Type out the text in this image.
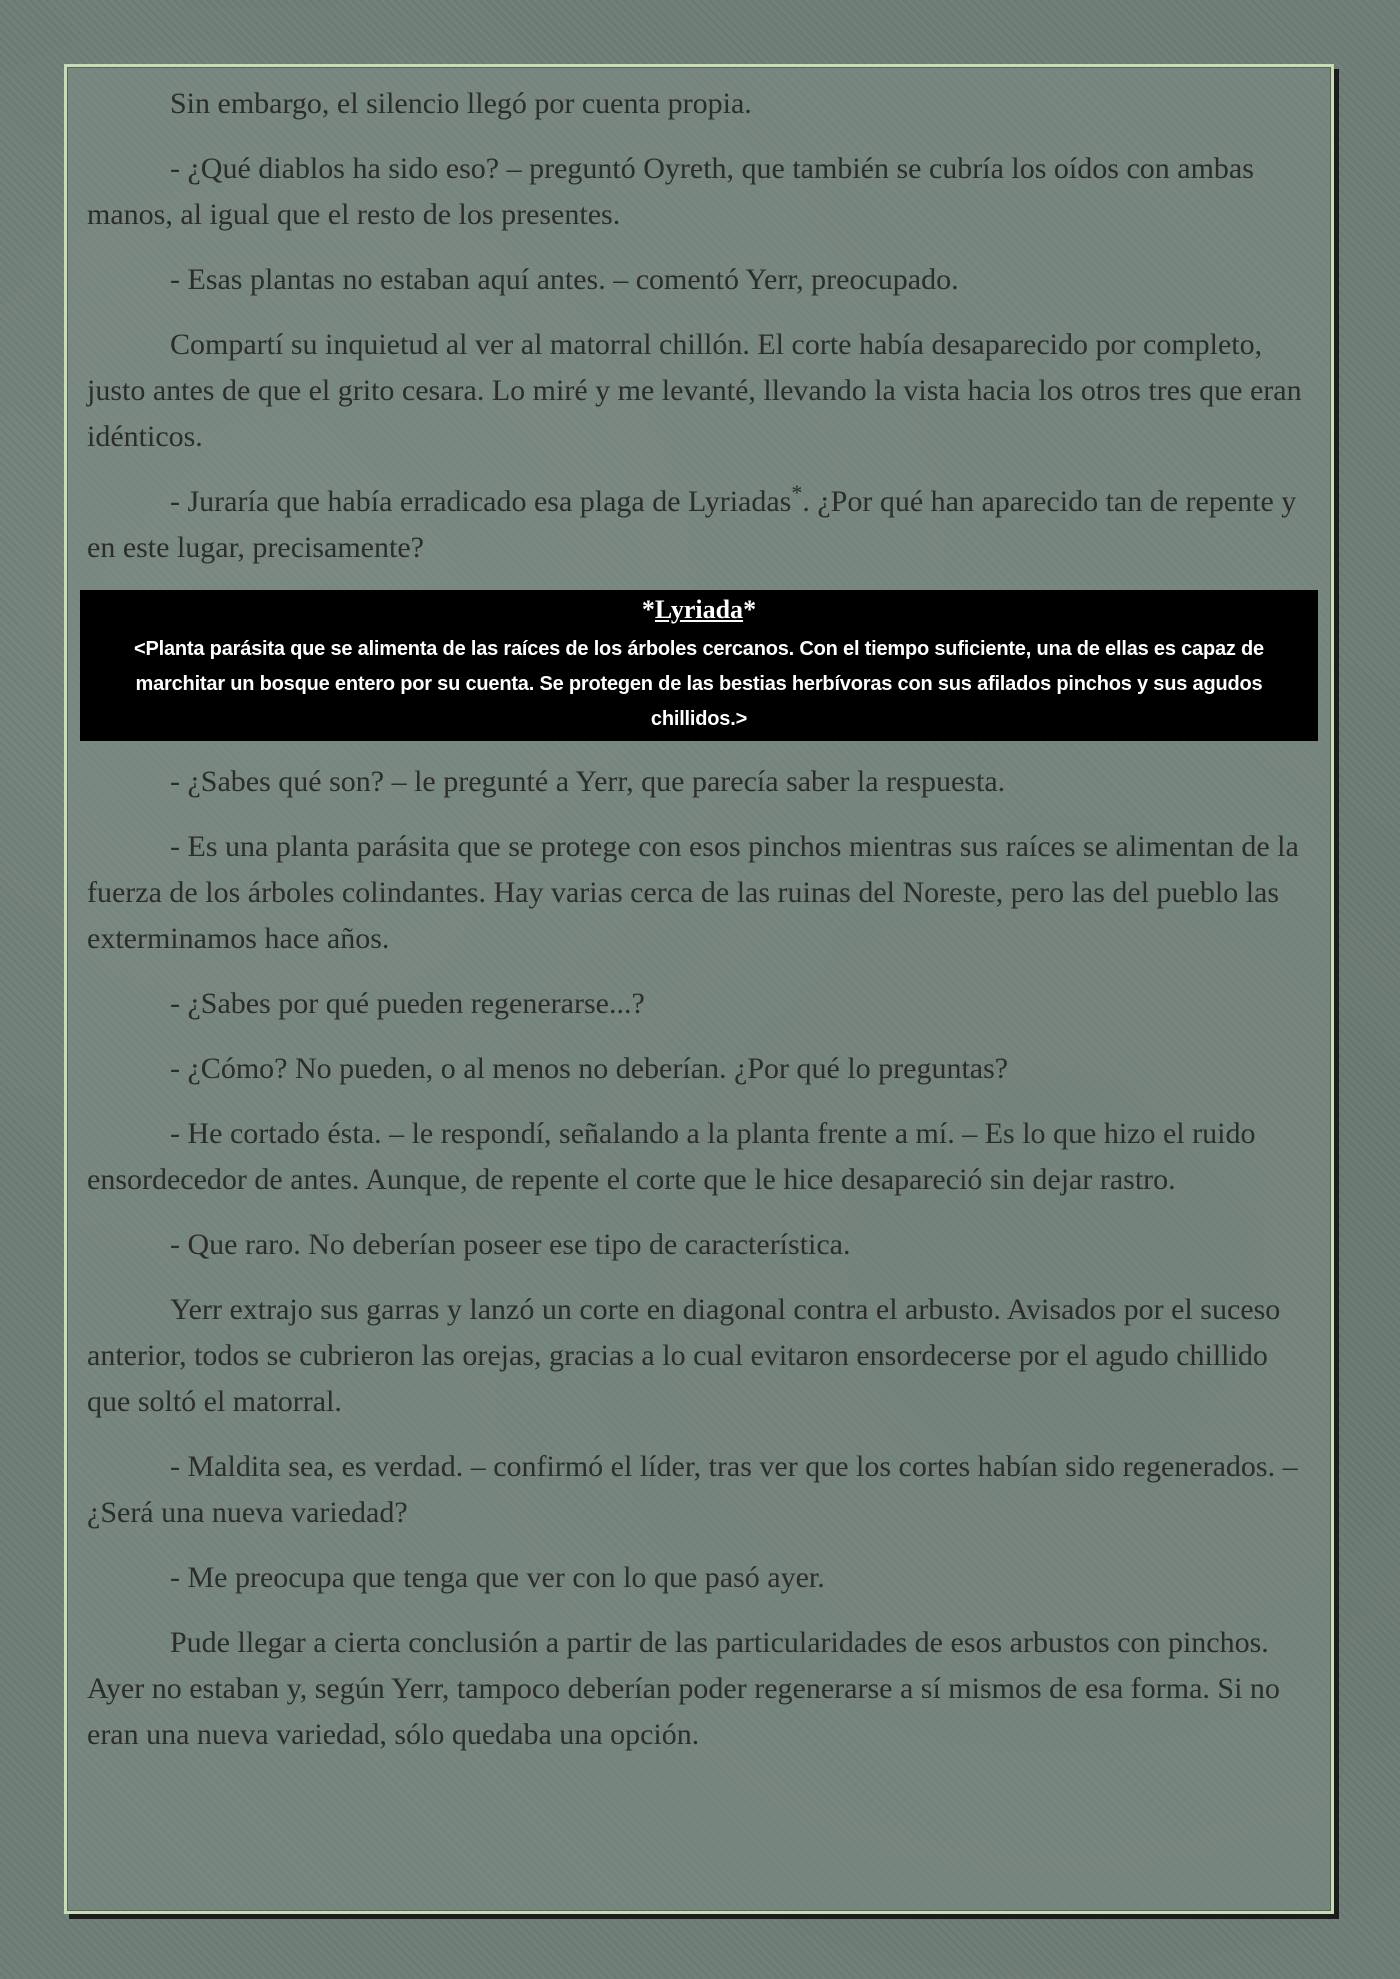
Sin embargo, el silencio llegó por cuenta propia.

- ¿Qué diablos ha sido eso? – preguntó Oyreth, que también se cubría los oídos con ambas manos, al igual que el resto de los presentes.

- Esas plantas no estaban aquí antes. – comentó Yerr, preocupado.

Compartí su inquietud al ver al matorral chillón. El corte había desaparecido por completo, justo antes de que el grito cesara. Lo miré y me levanté, llevando la vista hacia los otros tres que eran idénticos.

- Juraría que había erradicado esa plaga de Lyriadas*. ¿Por qué han aparecido tan de repente y en este lugar, precisamente?

*Lyriada*
<Planta parásita que se alimenta de las raíces de los árboles cercanos. Con el tiempo suficiente, una de ellas es capaz de marchitar un bosque entero por su cuenta. Se protegen de las bestias herbívoras con sus afilados pinchos y sus agudos chillidos.>

- ¿Sabes qué son? – le pregunté a Yerr, que parecía saber la respuesta.

- Es una planta parásita que se protege con esos pinchos mientras sus raíces se alimentan de la fuerza de los árboles colindantes. Hay varias cerca de las ruinas del Noreste, pero las del pueblo las exterminamos hace años.

- ¿Sabes por qué pueden regenerarse...?

- ¿Cómo? No pueden, o al menos no deberían. ¿Por qué lo preguntas?

- He cortado ésta. – le respondí, señalando a la planta frente a mí. – Es lo que hizo el ruido ensordecedor de antes. Aunque, de repente el corte que le hice desapareció sin dejar rastro.

- Que raro. No deberían poseer ese tipo de característica.

Yerr extrajo sus garras y lanzó un corte en diagonal contra el arbusto. Avisados por el suceso anterior, todos se cubrieron las orejas, gracias a lo cual evitaron ensordecerse por el agudo chillido que soltó el matorral.

- Maldita sea, es verdad. – confirmó el líder, tras ver que los cortes habían sido regenerados. – ¿Será una nueva variedad?

- Me preocupa que tenga que ver con lo que pasó ayer.

Pude llegar a cierta conclusión a partir de las particularidades de esos arbustos con pinchos. Ayer no estaban y, según Yerr, tampoco deberían poder regenerarse a sí mismos de esa forma. Si no eran una nueva variedad, sólo quedaba una opción.
